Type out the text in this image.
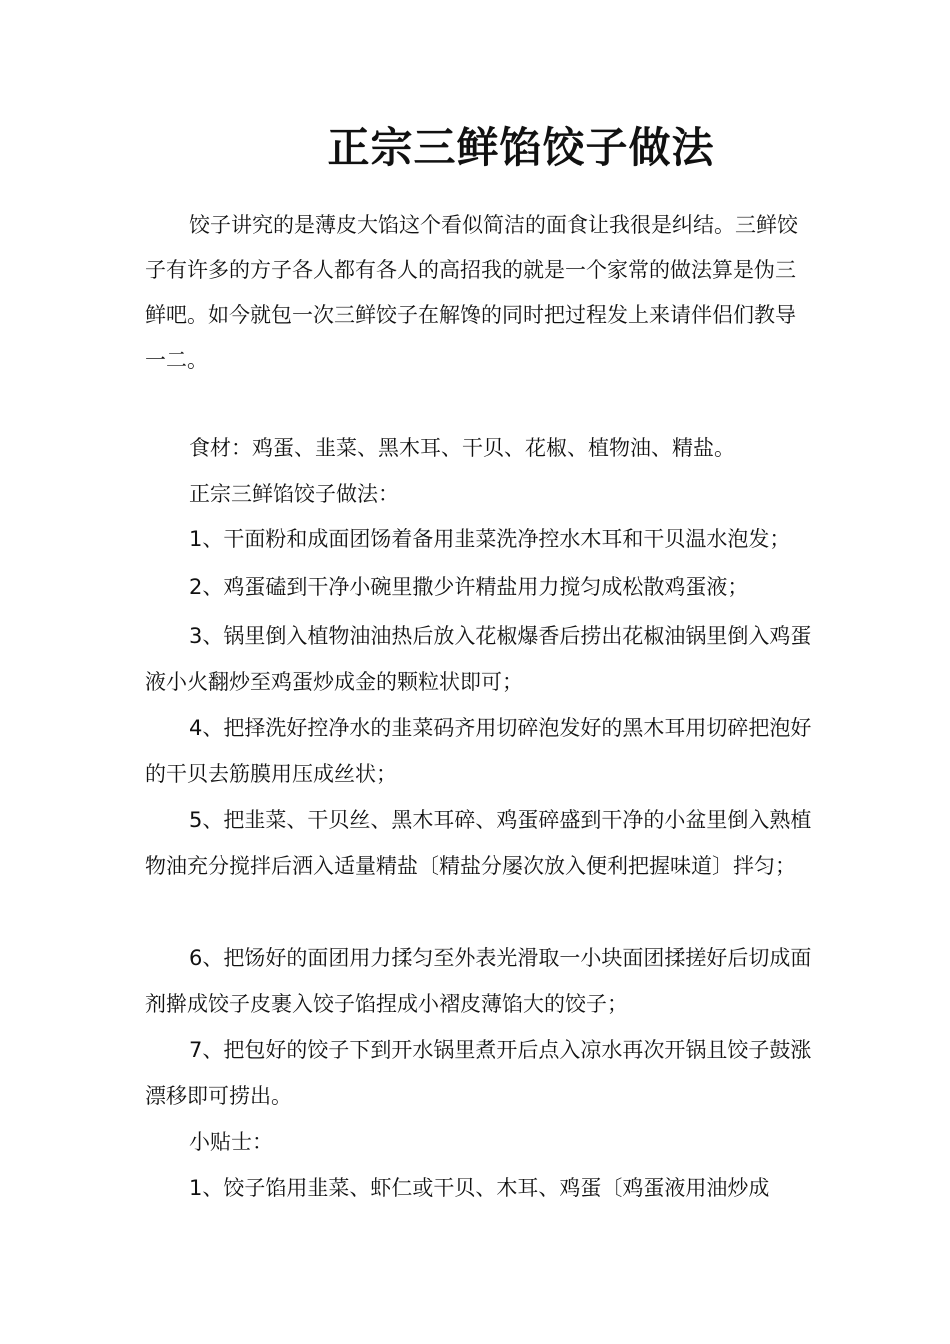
正宗三鲜馅饺子做法

饺子讲究的是薄皮大馅这个看似简洁的面食让我很是纠结。三鲜饺子有许多的方子各人都有各人的高招我的就是一个家常的做法算是伪三鲜吧。如今就包一次三鲜饺子在解馋的同时把过程发上来请伴侣们教导一二。

食材：鸡蛋、韭菜、黑木耳、干贝、花椒、植物油、精盐。

正宗三鲜馅饺子做法：

1、干面粉和成面团饧着备用韭菜洗净控水木耳和干贝温水泡发；

2、鸡蛋磕到干净小碗里撒少许精盐用力搅匀成松散鸡蛋液；

3、锅里倒入植物油油热后放入花椒爆香后捞出花椒油锅里倒入鸡蛋液小火翻炒至鸡蛋炒成金的颗粒状即可；

4、把择洗好控净水的韭菜码齐用切碎泡发好的黑木耳用切碎把泡好的干贝去筋膜用压成丝状；

5、把韭菜、干贝丝、黑木耳碎、鸡蛋碎盛到干净的小盆里倒入熟植物油充分搅拌后洒入适量精盐〔精盐分屡次放入便利把握味道〕拌匀；

6、把饧好的面团用力揉匀至外表光滑取一小块面团揉搓好后切成面剂擀成饺子皮裹入饺子馅捏成小褶皮薄馅大的饺子；

7、把包好的饺子下到开水锅里煮开后点入凉水再次开锅且饺子鼓涨漂移即可捞出。

小贴士：

1、饺子馅用韭菜、虾仁或干贝、木耳、鸡蛋〔鸡蛋液用油炒成
